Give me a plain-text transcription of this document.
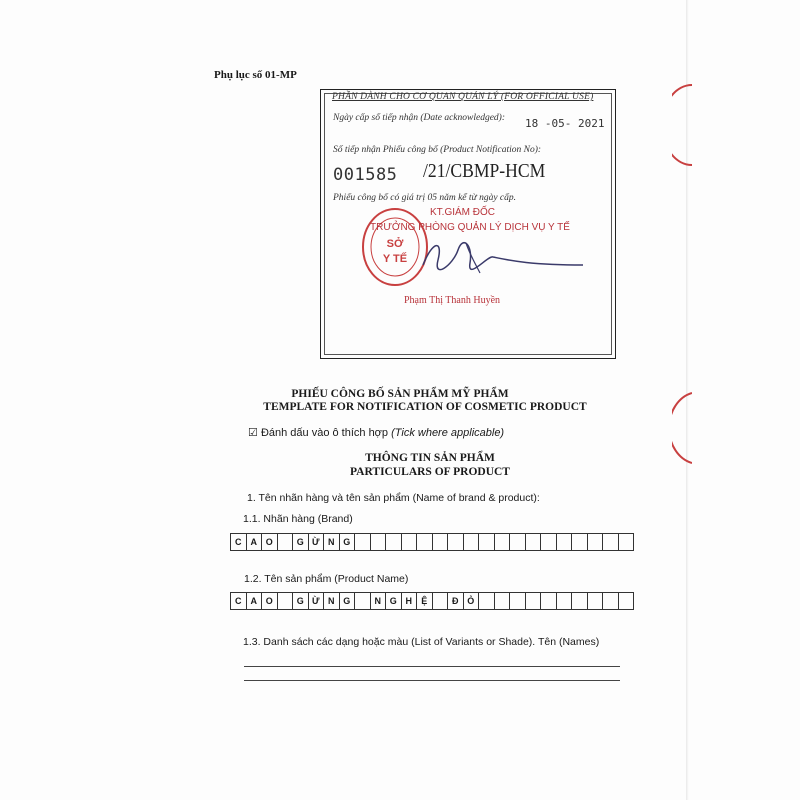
Phụ lục số 01-MP
PHẦN DÀNH CHO CƠ QUAN QUẢN LÝ (FOR OFFICIAL USE)
Ngày cấp số tiếp nhận (Date acknowledged): 18 -05- 2021
Số tiếp nhận Phiếu công bố (Product Notification No):
001585 /21/CBMP-HCM
Phiếu công bố có giá trị 05 năm kể từ ngày cấp.
SỞ
Y TẾ
KT.GIÁM ĐỐC
TRƯỞNG PHÒNG QUẢN LÝ DỊCH VỤ Y TẾ
Phạm Thị Thanh Huyền
PHIẾU CÔNG BỐ SẢN PHẨM MỸ PHẨM
TEMPLATE FOR NOTIFICATION OF COSMETIC PRODUCT
☑ Đánh dấu vào ô thích hợp (Tick where applicable)
THÔNG TIN SẢN PHẨM
PARTICULARS OF PRODUCT
1. Tên nhãn hàng và tên sản phẩm (Name of brand & product):
1.1. Nhãn hàng (Brand)
C	A O	G Ừ N G
1.2. Tên sản phẩm (Product Name)
C	A O	G Ừ N G	N G H	Ệ	Đ Ỏ
1.3. Danh sách các dạng hoặc màu (List of Variants or Shade). Tên (Names)
